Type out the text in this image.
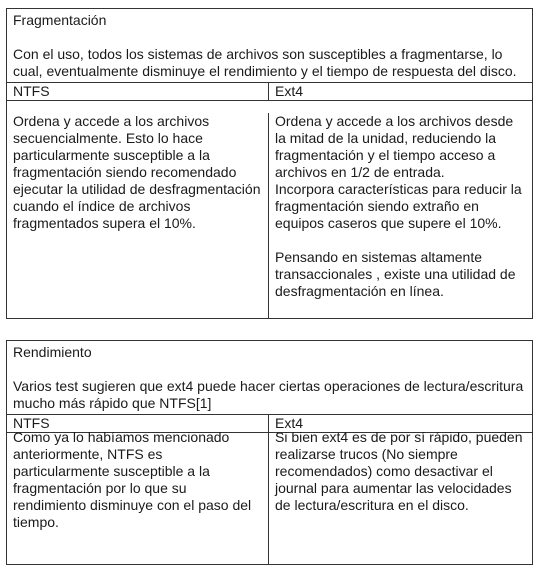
Fragmentación
Con el uso, todos los sistemas de archivos son susceptibles a fragmentarse, lo cual, eventualmente disminuye el rendimiento y el tiempo de respuesta del disco.
NTFS	Ext4

Ordena y accede a los archivos secuencialmente. Esto lo hace particularmente susceptible a la fragmentación siendo recomendado ejecutar la utilidad de desfragmentación cuando el índice de archivos fragmentados supera el 10%.

Ordena y accede a los archivos desde la mitad de la unidad, reduciendo la fragmentación y el tiempo acceso a archivos en 1/2 de entrada.

Incorpora características para reducir la fragmentación siendo extraño en equipos caseros que supere el 10%.

Pensando en sistemas altamente transaccionales , existe una utilidad de desfragmentación en línea.

Rendimiento
Varios test sugieren que ext4 puede hacer ciertas operaciones de lectura/escritura mucho más rápido que NTFS[1]
NTFS	Ext4

Como ya lo habíamos mencionado anteriormente, NTFS es particularmente susceptible a la fragmentación por lo que su rendimiento disminuye con el paso del tiempo.

Si bien ext4 es de por sí rápido, pueden realizarse trucos (No siempre recomendados) como desactivar el journal para aumentar las velocidades de lectura/escritura en el disco.
